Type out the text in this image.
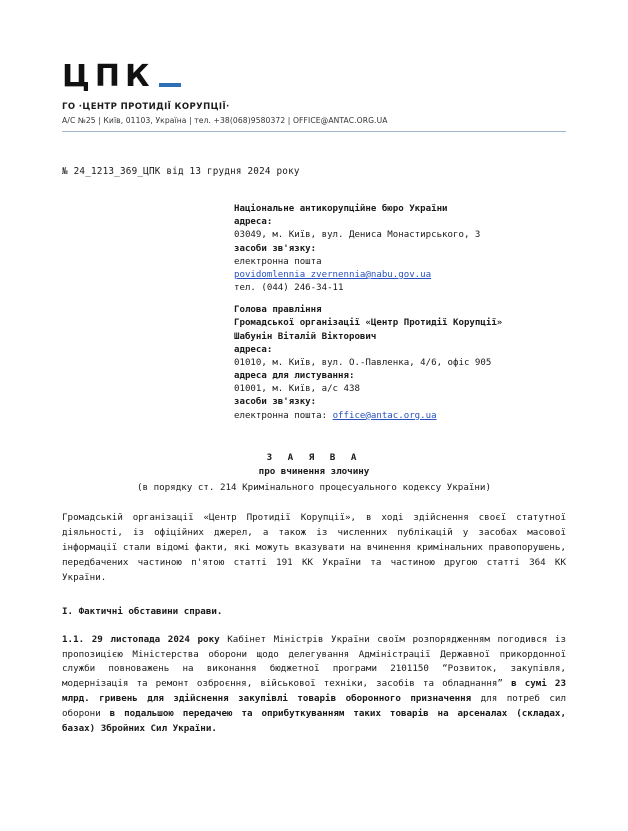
ЦПК
ГО ·ЦЕНТР ПРОТИДІЇ КОРУПЦІЇ·
А/С №25 | Київ, 01103, Україна | тел. +38(068)9580372 | OFFICE@ANTAC.ORG.UA
№ 24_1213_369_ЦПК від 13 грудня 2024 року
Національне антикорупційне бюро України
адреса:
03049, м. Київ, вул. Дениса Монастирського, 3
засоби зв'язку:
електронна пошта
povidomlennia_zvernennia@nabu.gov.ua
тел. (044) 246-34-11
Голова правління
Громадської організації «Центр Протидії Корупції»
Шабунін Віталій Вікторович
адреса:
01010, м. Київ, вул. О.-Павленка, 4/6, офіс 905
адреса для листування:
01001, м. Київ, а/с 438
засоби зв'язку:
електронна пошта: office@antac.org.ua
З А Я В А
про вчинення злочину
(в порядку ст. 214 Кримінального процесуального кодексу України)
Громадській організації «Центр Протидії Корупції», в ході здійснення своєї статутної діяльності, із офіційних джерел, а також із численних публікацій у засобах масової інформації стали відомі факти, які можуть вказувати на вчинення кримінальних правопорушень, передбачених частиною п'ятою статті 191 КК України та частиною другою статті 364 КК України.
I. Фактичні обставини справи.
1.1. 29 листопада 2024 року Кабінет Міністрів України своїм розпорядженням погодився із пропозицією Міністерства оборони щодо делегування Адміністрації Державної прикордонної служби повноважень на виконання бюджетної програми 2101150 “Розвиток, закупівля, модернізація та ремонт озброєння, військової техніки, засобів та обладнання” в сумі 23 млрд. гривень для здійснення закупівлі товарів оборонного призначення для потреб сил оборони в подальшою передачею та оприбуткуванням таких товарів на арсеналах (складах, базах) Збройних Сил України.
